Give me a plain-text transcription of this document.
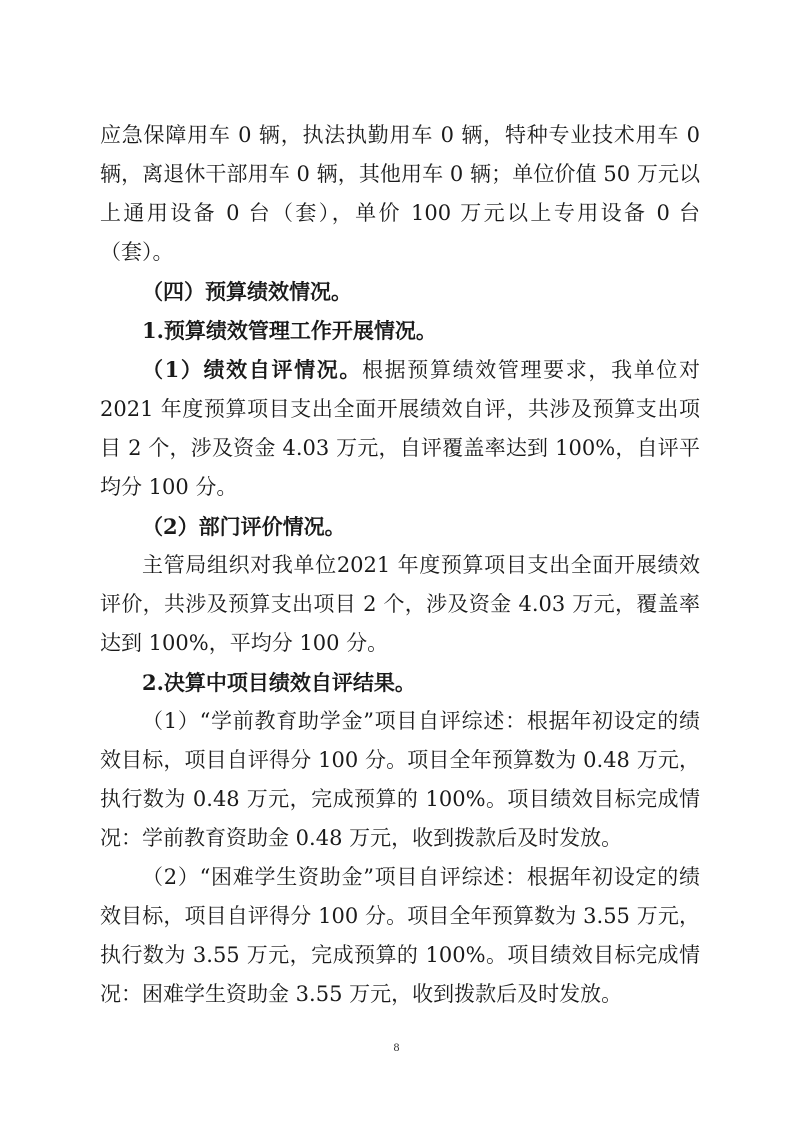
应急保障用车 0 辆，执法执勤用车 0 辆，特种专业技术用车 0 辆，离退休干部用车 0 辆，其他用车 0 辆；单位价值 50 万元以上通用设备 0 台（套），单价 100 万元以上专用设备 0 台（套）。

（四）预算绩效情况。

1.预算绩效管理工作开展情况。

（1）绩效自评情况。根据预算绩效管理要求，我单位对 2021 年度预算项目支出全面开展绩效自评，共涉及预算支出项目 2 个，涉及资金 4.03 万元，自评覆盖率达到 100%，自评平均分 100 分。

（2）部门评价情况。

主管局组织对我单位2021 年度预算项目支出全面开展绩效评价，共涉及预算支出项目 2 个，涉及资金 4.03 万元，覆盖率达到 100%，平均分 100 分。

2.决算中项目绩效自评结果。

（1）“学前教育助学金”项目自评综述：根据年初设定的绩效目标，项目自评得分 100 分。项目全年预算数为 0.48 万元，执行数为 0.48 万元，完成预算的 100%。项目绩效目标完成情况：学前教育资助金 0.48 万元，收到拨款后及时发放。

（2）“困难学生资助金”项目自评综述：根据年初设定的绩效目标，项目自评得分 100 分。项目全年预算数为 3.55 万元，执行数为 3.55 万元，完成预算的 100%。项目绩效目标完成情况：困难学生资助金 3.55 万元，收到拨款后及时发放。

8
